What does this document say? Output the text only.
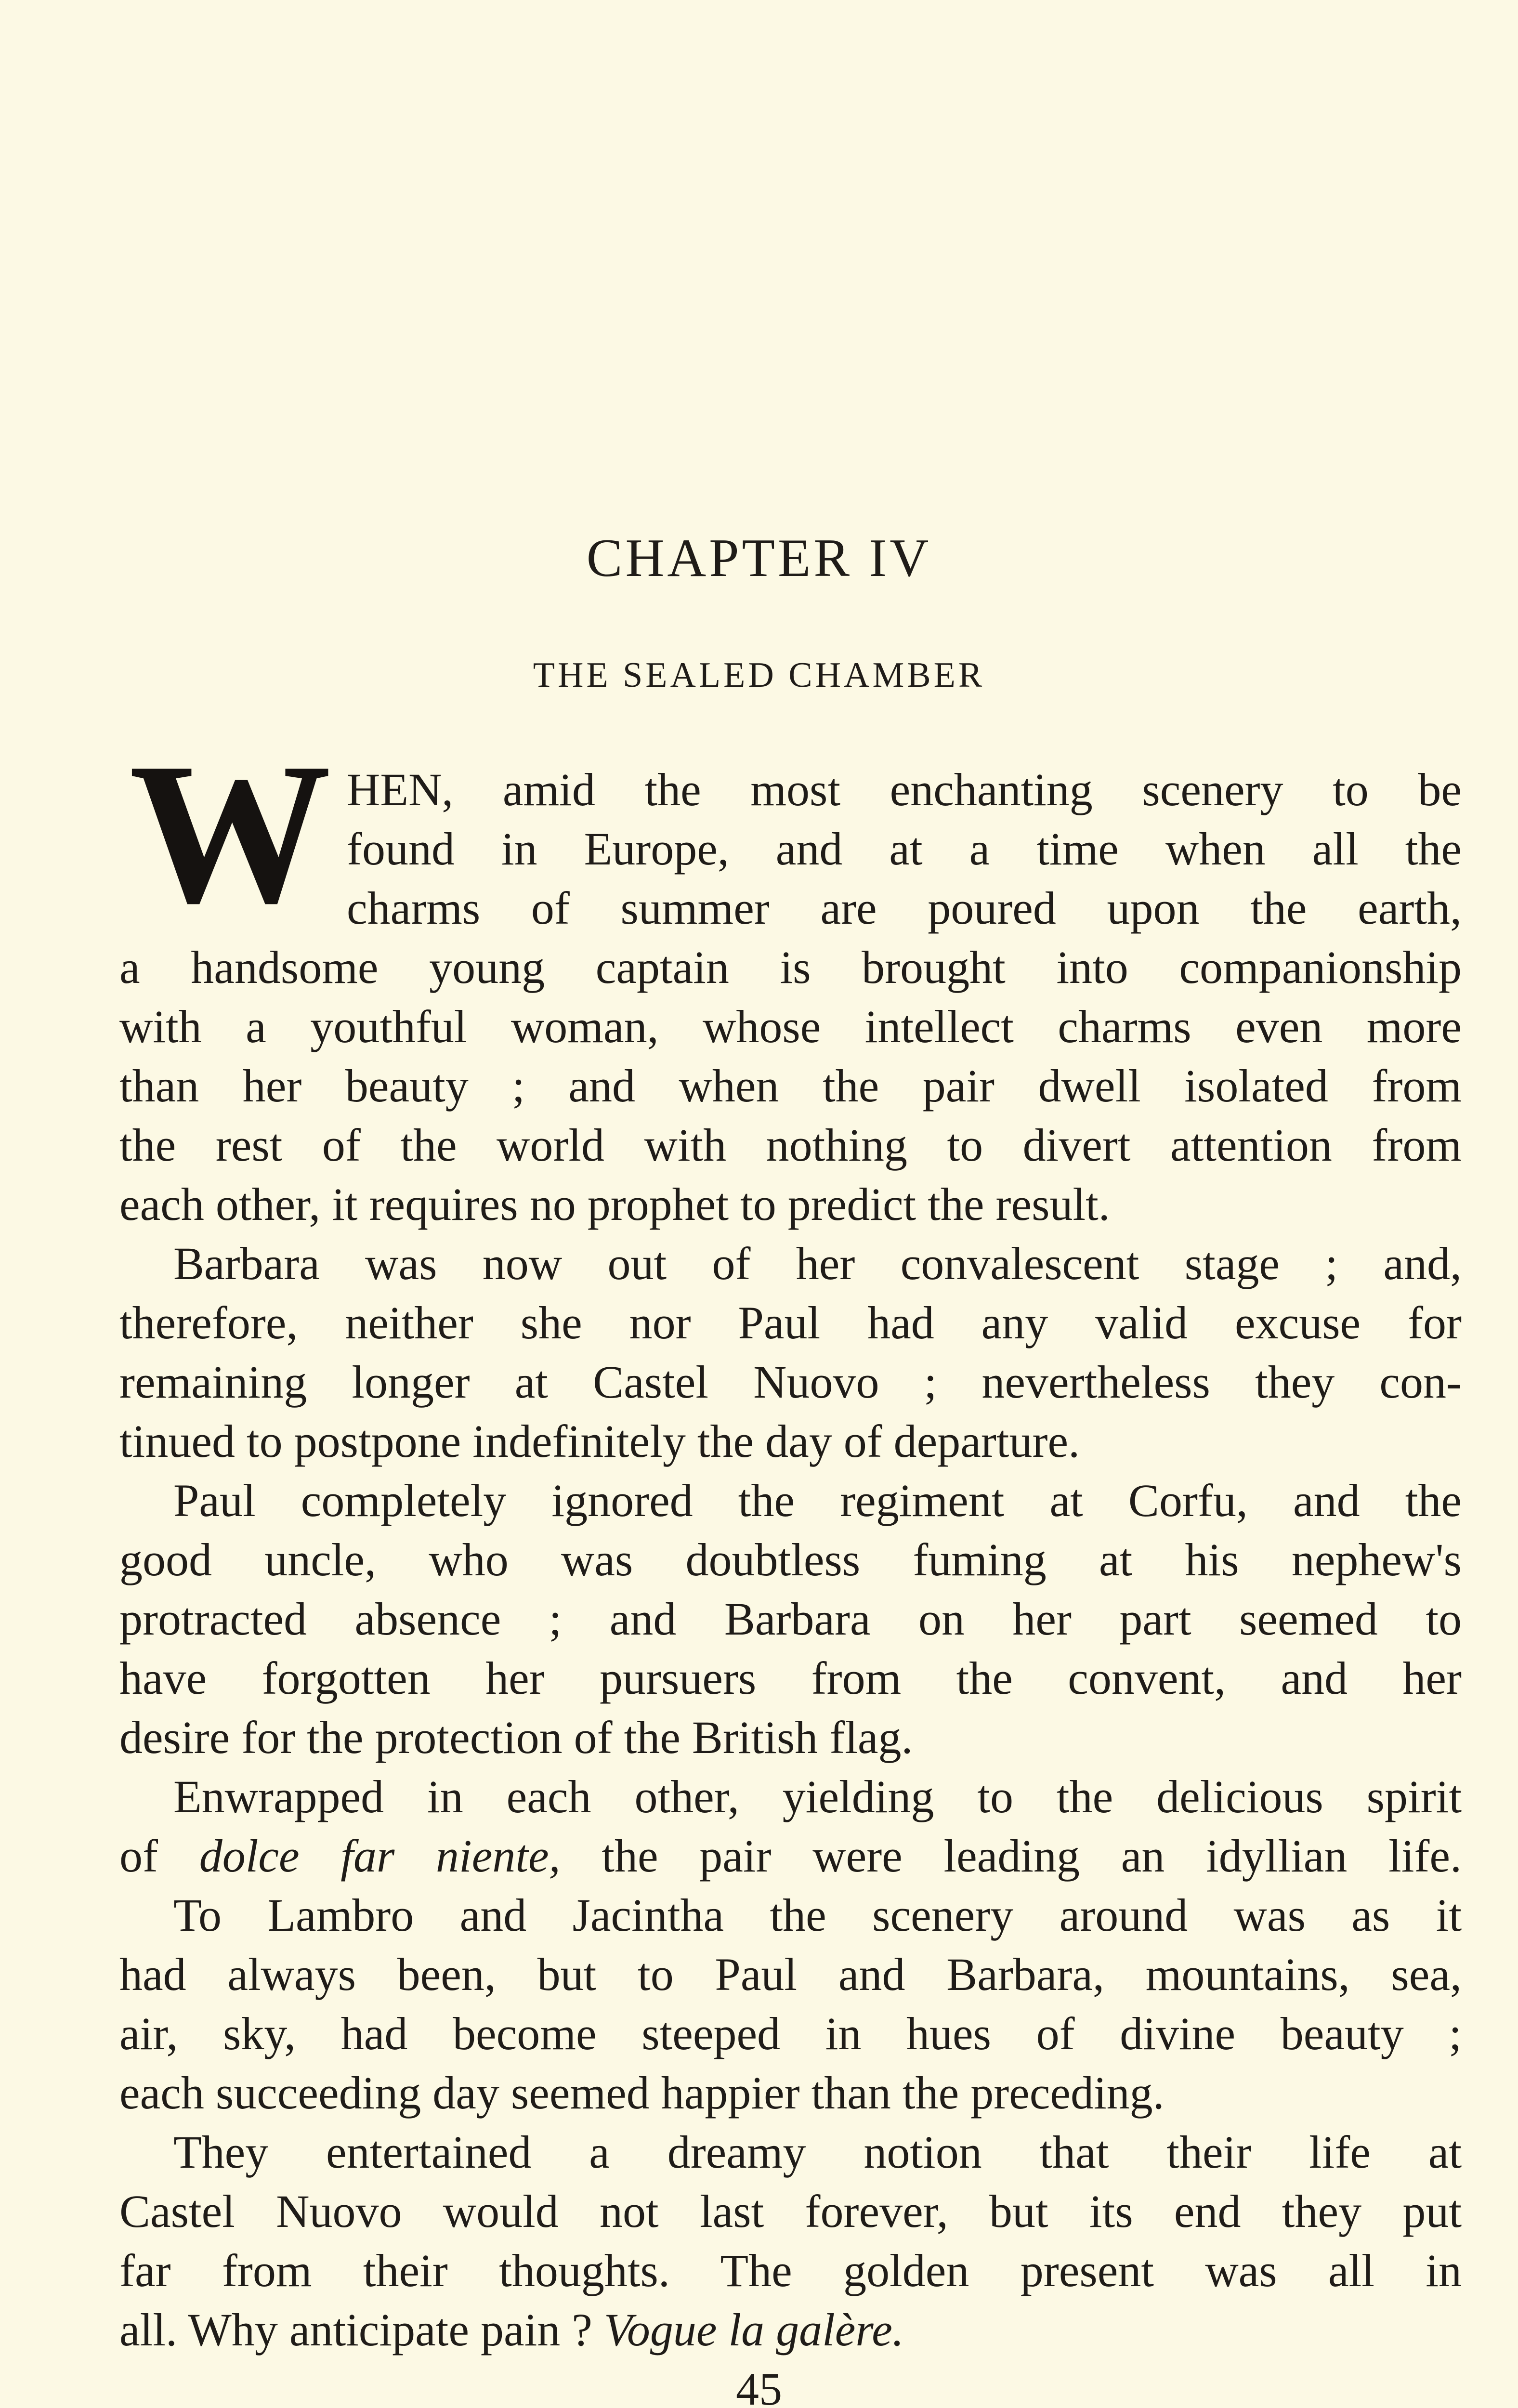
CHAPTER IV
THE SEALED CHAMBER
W HEN, amid the most enchanting scenery to be
found in Europe, and at a time when all the
charms of summer are poured upon the earth,
a handsome young captain is brought into companionship
with a youthful woman, whose intellect charms even more
than her beauty ; and when the pair dwell isolated from
the rest of the world with nothing to divert attention from
each other, it requires no prophet to predict the result.
Barbara was now out of her convalescent stage ; and,
therefore, neither she nor Paul had any valid excuse for
remaining longer at Castel Nuovo ; nevertheless they con-
tinued to postpone indefinitely the day of departure.
Paul completely ignored the regiment at Corfu, and the
good uncle, who was doubtless fuming at his nephew's
protracted absence ; and Barbara on her part seemed to
have forgotten her pursuers from the convent, and her
desire for the protection of the British flag.
Enwrapped in each other, yielding to the delicious spirit
of dolce far niente, the pair were leading an idyllian life.
To Lambro and Jacintha the scenery around was as it
had always been, but to Paul and Barbara, mountains, sea,
air, sky, had become steeped in hues of divine beauty ;
each succeeding day seemed happier than the preceding.
They entertained a dreamy notion that their life at
Castel Nuovo would not last forever, but its end they put
far from their thoughts. The golden present was all in
all. Why anticipate pain ? Vogue la galère.
45
